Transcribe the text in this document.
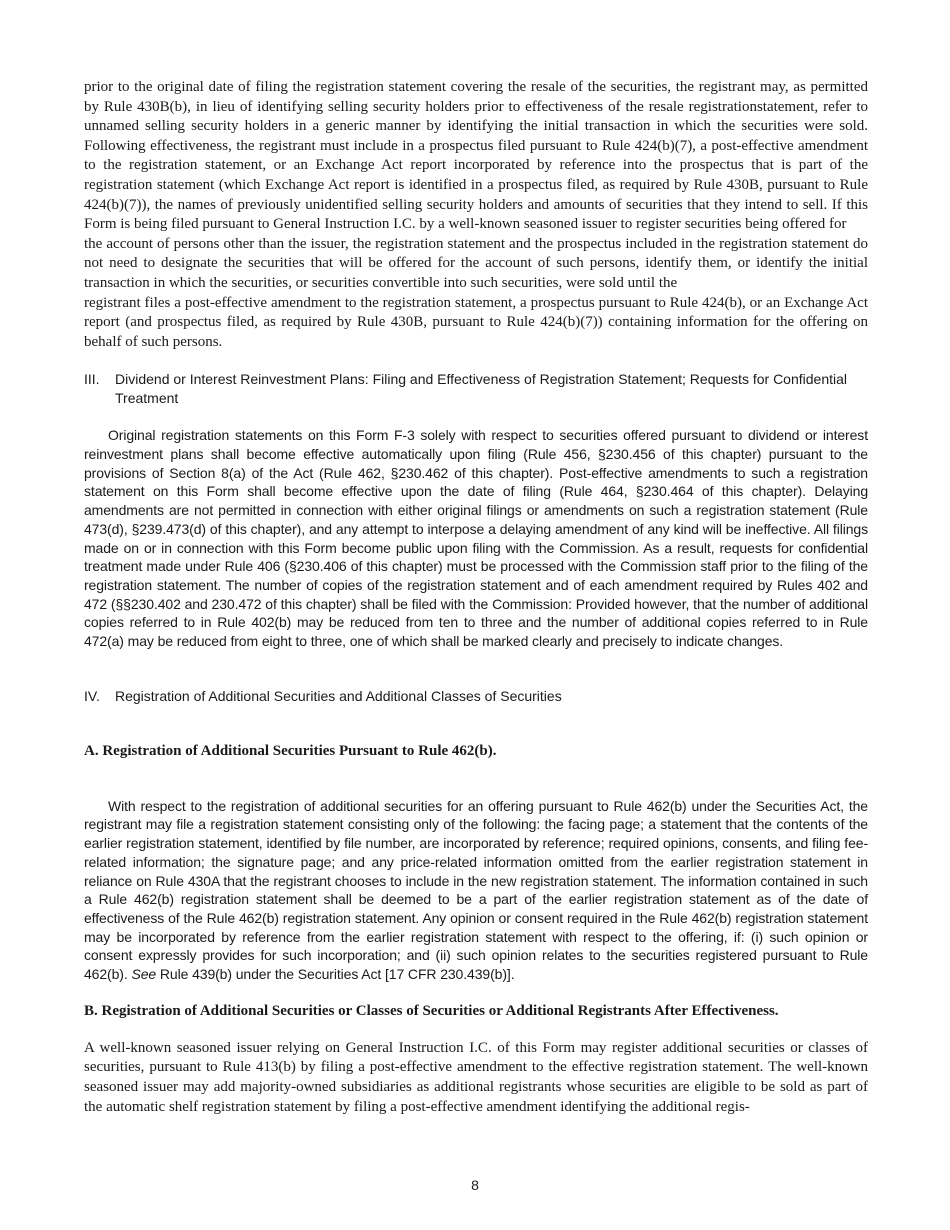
prior to the original date of filing the registration statement covering the resale of the securities, the registrant may, as permitted by Rule 430B(b), in lieu of identifying selling security holders prior to effectiveness of the resale registrationstatement, refer to unnamed selling security holders in a generic manner by identifying the initial transaction in which the securities were sold. Following effectiveness, the registrant must include in a prospectus filed pursuant to Rule 424(b)(7), a post-effective amendment to the registration statement, or an Exchange Act report incorporated by reference into the prospectus that is part of the registration statement (which Exchange Act report is identified in a prospectus filed, as required by Rule 430B, pursuant to Rule 424(b)(7)), the names of previously unidentified selling security holders and amounts of securities that they intend to sell. If this Form is being filed pursuant to General Instruction I.C. by a well-known seasoned issuer to register securities being offered for

the account of persons other than the issuer, the registration statement and the prospectus included in the registration statement do not need to designate the securities that will be offered for the account of such persons, identify them, or identify the initial transaction in which the securities, or securities convertible into such securities, were sold until the

registrant files a post-effective amendment to the registration statement, a prospectus pursuant to Rule 424(b), or an Exchange Act report (and prospectus filed, as required by Rule 430B, pursuant to Rule 424(b)(7)) containing information for the offering on behalf of such persons.

III.	Dividend or Interest Reinvestment Plans: Filing and Effectiveness of Registration Statement; Requests for Confidential Treatment

Original registration statements on this Form F-3 solely with respect to securities offered pursuant to dividend or interest reinvestment plans shall become effective automatically upon filing (Rule 456, §230.456 of this chapter) pursuant to the provisions of Section 8(a) of the Act (Rule 462, §230.462 of this chapter). Post-effective amendments to such a registration statement on this Form shall become effective upon the date of filing (Rule 464, §230.464 of this chapter). Delaying amendments are not permitted in connection with either original filings or amendments on such a registration statement (Rule 473(d), §239.473(d) of this chapter), and any attempt to interpose a delaying amendment of any kind will be ineffective. All filings made on or in connection with this Form become public upon filing with the Commission. As a result, requests for confidential treatment made under Rule 406 (§230.406 of this chapter) must be processed with the Commission staff prior to the filing of the registration statement. The number of copies of the registration statement and of each amendment required by Rules 402 and 472 (§§230.402 and 230.472 of this chapter) shall be filed with the Commission: Provided however, that the number of additional copies referred to in Rule 402(b) may be reduced from ten to three and the number of additional copies referred to in Rule 472(a) may be reduced from eight to three, one of which shall be marked clearly and precisely to indicate changes.

IV.	Registration of Additional Securities and Additional Classes of Securities

A. Registration of Additional Securities Pursuant to Rule 462(b).

With respect to the registration of additional securities for an offering pursuant to Rule 462(b) under the Securities Act, the registrant may file a registration statement consisting only of the following: the facing page; a statement that the contents of the earlier registration statement, identified by file number, are incorporated by reference; required opinions, consents, and filing fee-related information; the signature page; and any price-related information omitted from the earlier registration statement in reliance on Rule 430A that the registrant chooses to include in the new registration statement. The information contained in such a Rule 462(b) registration statement shall be deemed to be a part of the earlier registration statement as of the date of effectiveness of the Rule 462(b) registration statement. Any opinion or consent required in the Rule 462(b) registration statement may be incorporated by reference from the earlier registration statement with respect to the offering, if: (i) such opinion or consent expressly provides for such incorporation; and (ii) such opinion relates to the securities registered pursuant to Rule 462(b). See Rule 439(b) under the Securities Act [17 CFR 230.439(b)].

B. Registration of Additional Securities or Classes of Securities or Additional Registrants After Effectiveness.

A well-known seasoned issuer relying on General Instruction I.C. of this Form may register additional securities or classes of securities, pursuant to Rule 413(b) by filing a post-effective amendment to the effective registration statement. The well-known seasoned issuer may add majority-owned subsidiaries as additional registrants whose securities are eligible to be sold as part of the automatic shelf registration statement by filing a post-effective amendment identifying the additional regis-

8
